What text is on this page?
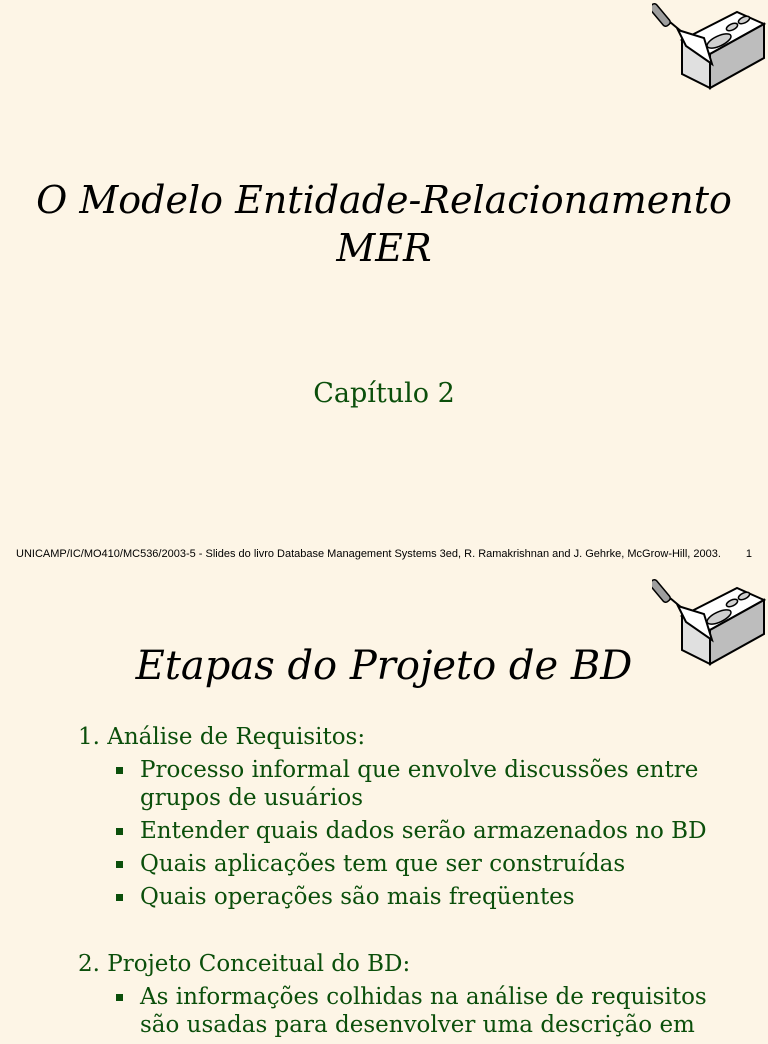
O Modelo Entidade-Relacionamento
MER
Capítulo 2
UNICAMP/IC/MO410/MC536/2003-5 - Slides do livro Database Management Systems 3ed, R. Ramakrishnan and J. Gehrke, McGrow-Hill, 2003. 1
Etapas do Projeto de BD
1. Análise de Requisitos:
Processo informal que envolve discussões entre grupos de usuários
Entender quais dados serão armazenados no BD
Quais aplicações tem que ser construídas
Quais operações são mais freqüentes
2. Projeto Conceitual do BD:
As informações colhidas na análise de requisitos são usadas para desenvolver uma descrição em
